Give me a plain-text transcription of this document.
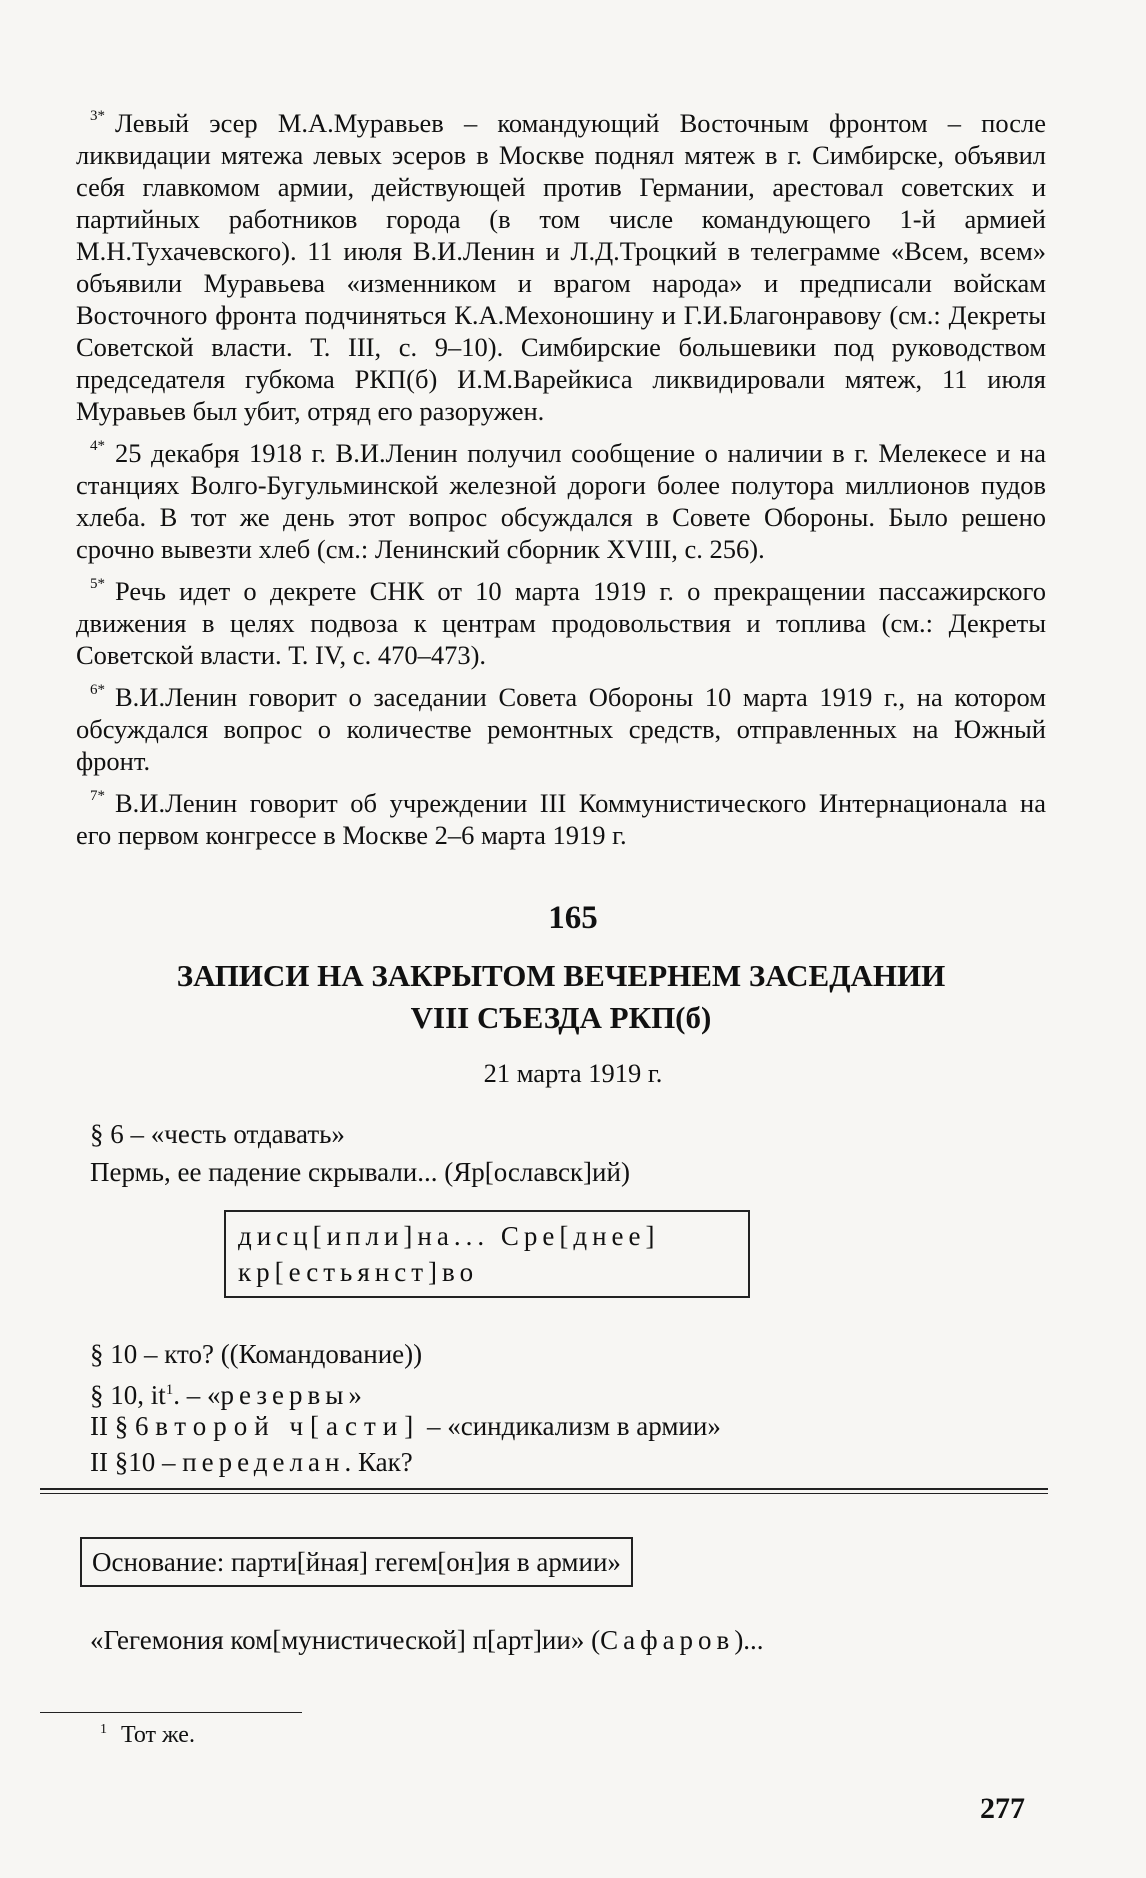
$^{3*}$ Левый эсер М.А.Муравьев – командующий Восточным фронтом – после ликвидации мятежа левых эсеров в Москве поднял мятеж в г. Симбирске, объявил себя главкомом армии, действующей против Германии, арестовал советских и партийных работников города (в том числе командующего 1-й армией М.Н.Тухачевского). 11 июля В.И.Ленин и Л.Д.Троцкий в телеграмме «Всем, всем» объявили Муравьева «изменником и врагом народа» и предписали войскам Восточного фронта подчиняться К.А.Мехоношину и Г.И.Благонравову (см.: Декреты Советской власти. Т. III, с. 9–10). Симбирские большевики под руководством председателя губкома РКП(б) И.М.Варейкиса ликвидировали мятеж, 11 июля Муравьев был убит, отряд его разоружен.

$^{4*}$ 25 декабря 1918 г. В.И.Ленин получил сообщение о наличии в г. Мелекесе и на станциях Волго-Бугульминской железной дороги более полутора миллионов пудов хлеба. В тот же день этот вопрос обсуждался в Совете Обороны. Было решено срочно вывезти хлеб (см.: Ленинский сборник XVIII, с. 256).

$^{5*}$ Речь идет о декрете СНК от 10 марта 1919 г. о прекращении пассажирского движения в целях подвоза к центрам продовольствия и топлива (см.: Декреты Советской власти. Т. IV, с. 470–473).

$^{6*}$ В.И.Ленин говорит о заседании Совета Обороны 10 марта 1919 г., на котором обсуждался вопрос о количестве ремонтных средств, отправленных на Южный фронт.

$^{7*}$ В.И.Ленин говорит об учреждении III Коммунистического Интернационала на его первом конгрессе в Москве 2–6 марта 1919 г.

165
ЗАПИСИ НА ЗАКРЫТОМ ВЕЧЕРНЕМ ЗАСЕДАНИИ
VIII СЪЕЗДА РКП(б)
21 марта 1919 г.
§ 6 – «честь отдавать»
Пермь, ее падение скрывали... (Яр[ославск]ий)
дисц[ипли]на... Сре[днее]
кр[естьянст]во
§ 10 – кто? ((Командование))
§ 10, $it^1$. – «резервы»
II § 6 второй ч[асти] – «синдикализм в армии»
II §10 – переделан. Как?
Основание: парти[йная] гегем[он]ия в армии»
«Гегемония ком[мунистической] п[арт]ии» (Сафаров)...
$^1$ Тот же.
277
